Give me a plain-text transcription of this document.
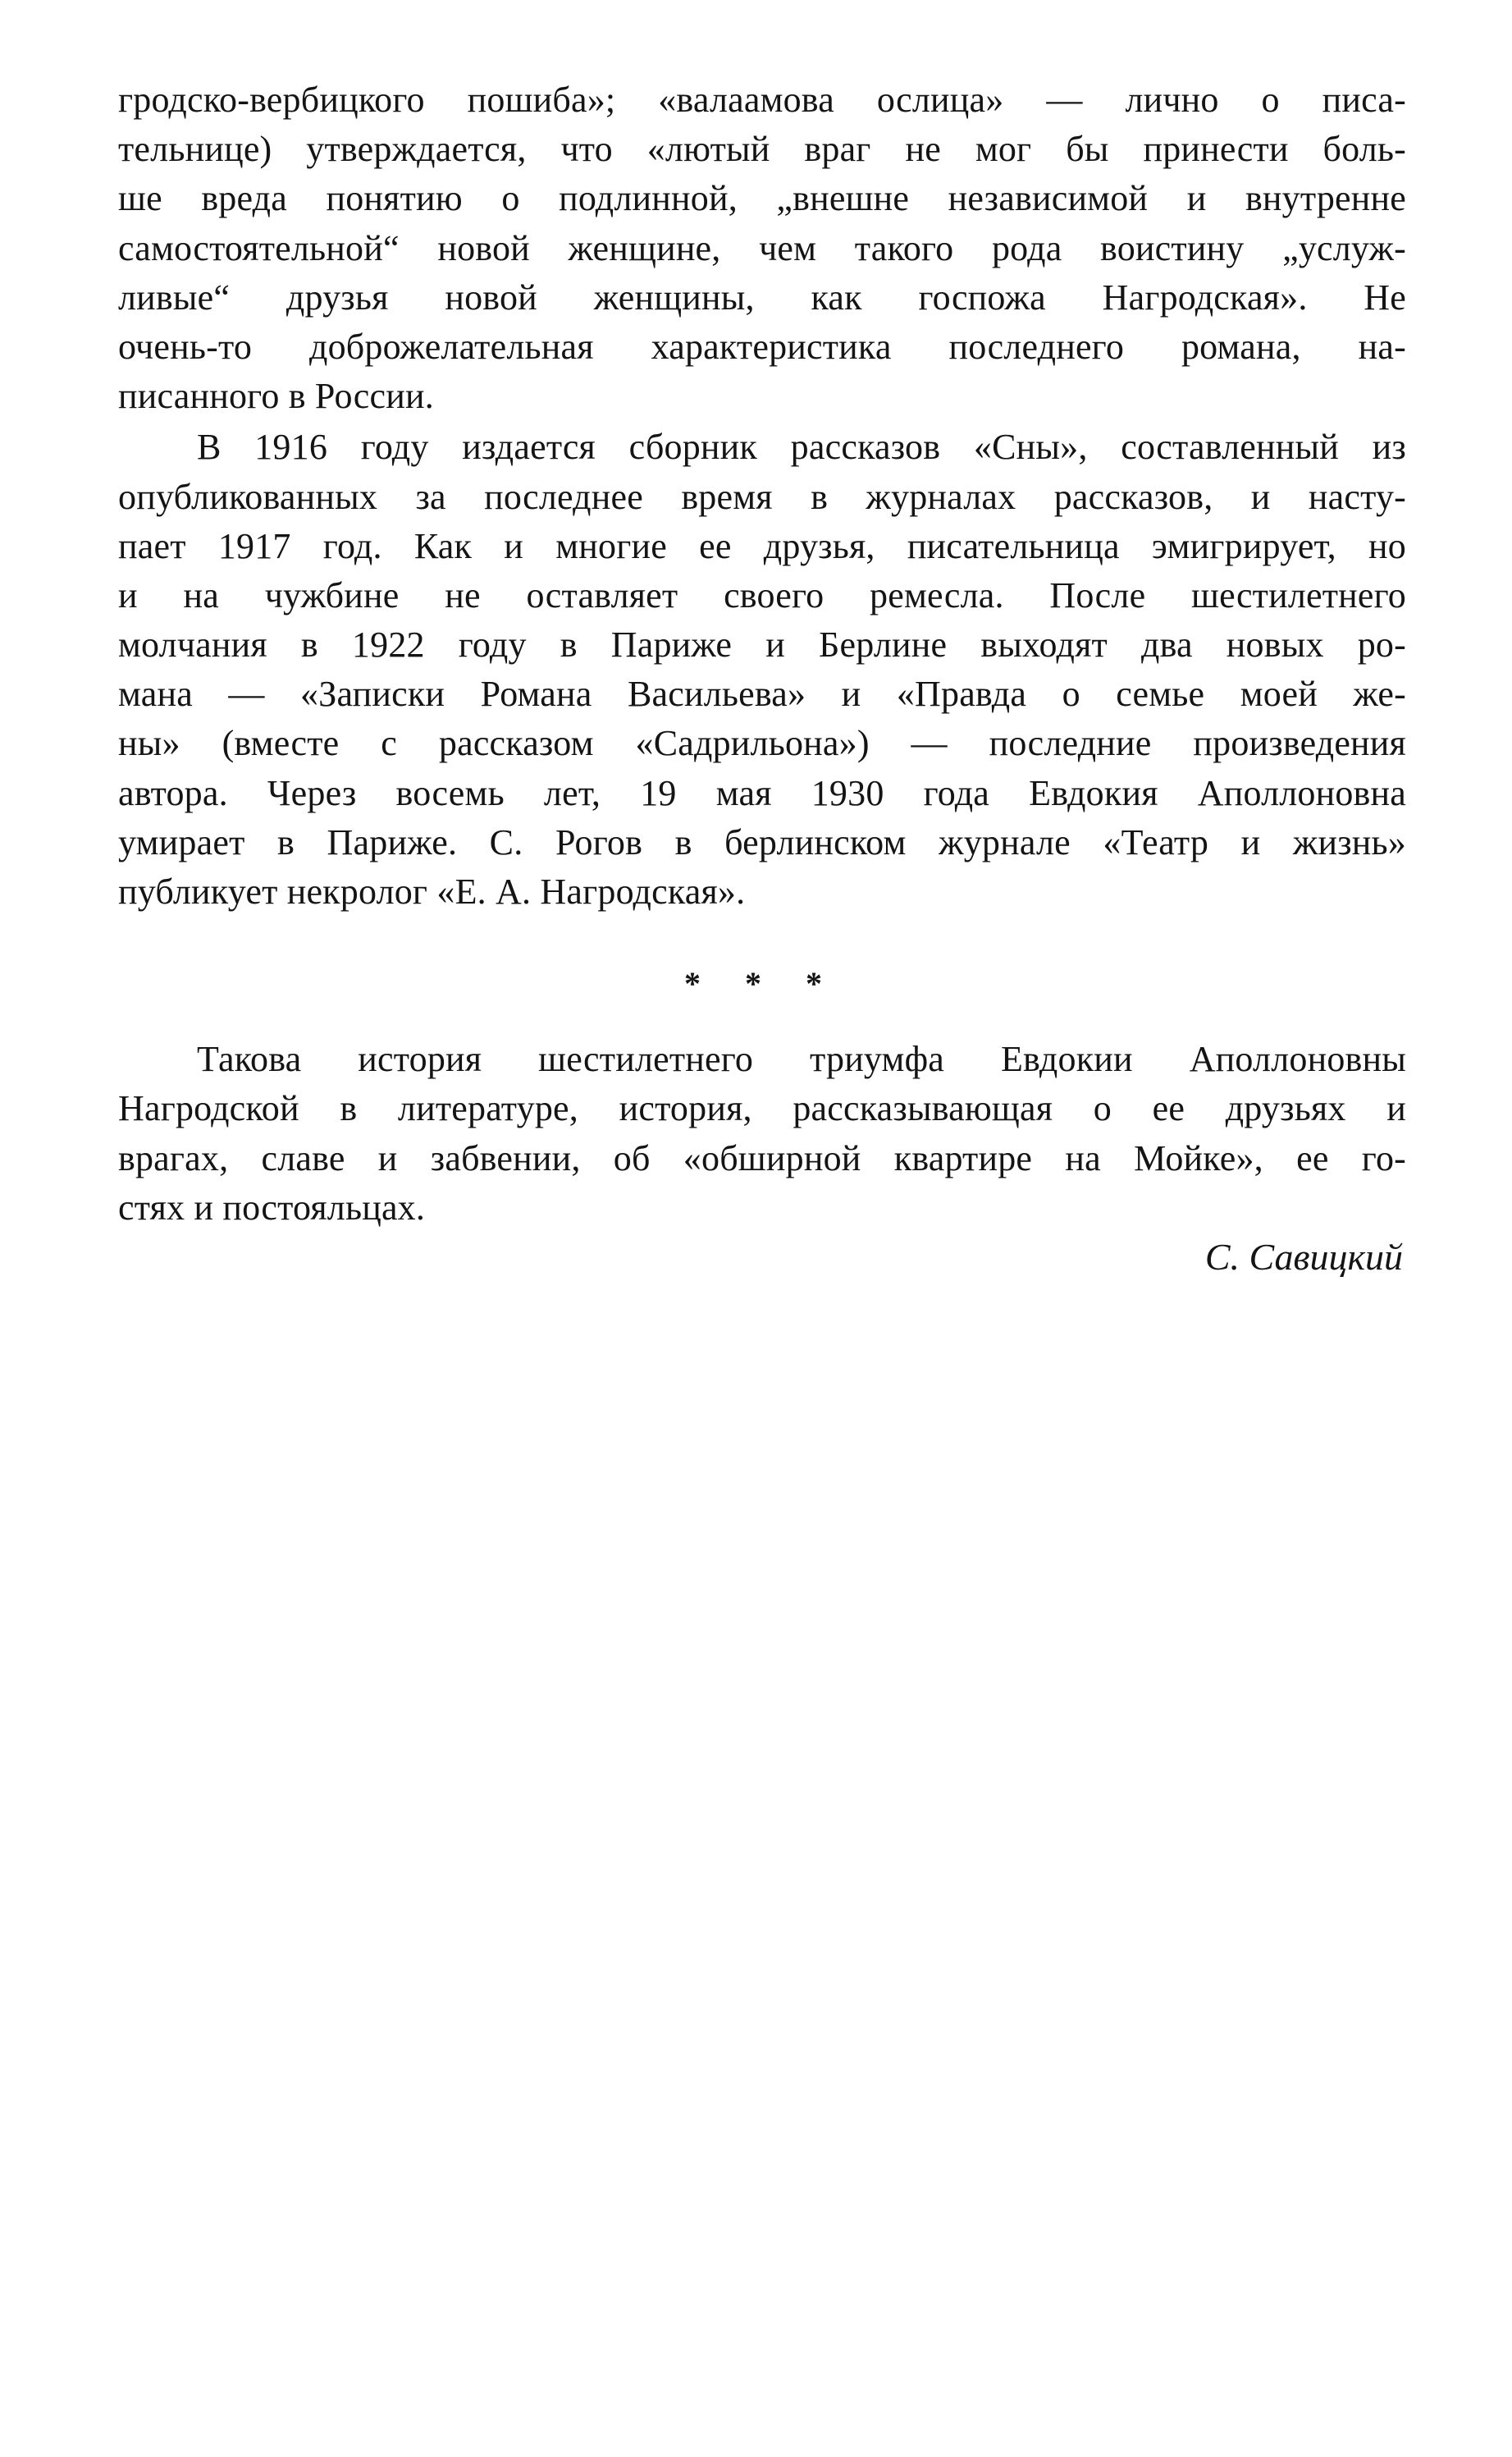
гродско-вербицкого пошиба»; «валаамова ослица» — лично о писа-
тельнице) утверждается, что «лютый враг не мог бы принести боль-
ше вреда понятию о подлинной, „внешне независимой и внутренне
самостоятельной“ новой женщине, чем такого рода воистину „услуж-
ливые“ друзья новой женщины, как госпожа Нагродская». Не
очень-то доброжелательная характеристика последнего романа, на-
писанного в России.
В 1916 году издается сборник рассказов «Сны», составленный из
опубликованных за последнее время в журналах рассказов, и насту-
пает 1917 год. Как и многие ее друзья, писательница эмигрирует, но
и на чужбине не оставляет своего ремесла. После шестилетнего
молчания в 1922 году в Париже и Берлине выходят два новых ро-
мана — «Записки Романа Васильева» и «Правда о семье моей же-
ны» (вместе с рассказом «Садрильона») — последние произведения
автора. Через восемь лет, 19 мая 1930 года Евдокия Аполлоновна
умирает в Париже. С. Рогов в берлинском журнале «Театр и жизнь»
публикует некролог «Е. А. Нагродская».
* * *
Такова история шестилетнего триумфа Евдокии Аполлоновны
Нагродской в литературе, история, рассказывающая о ее друзьях и
врагах, славе и забвении, об «обширной квартире на Мойке», ее го-
стях и постояльцах.
С. Савицкий
